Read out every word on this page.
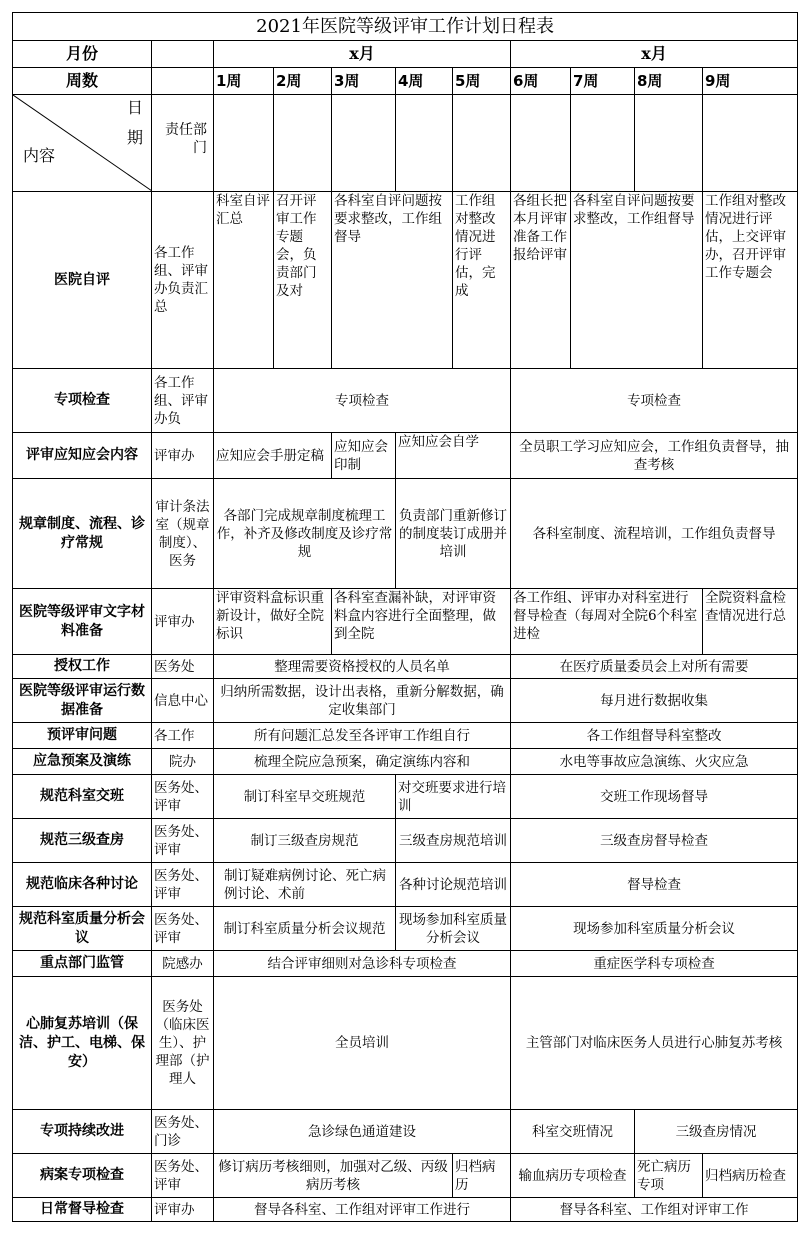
2021年医院等级评审工作计划日程表										
月份		x月					x月			
周数		1周	2周	3周	4周	5周	6周	7周	8周	9周

日
期
内容	责任部门									
医院自评	各工作组、评审办负责汇总	科室自评汇总	召开评审工作专题会，负责部门及对	各科室自评问题按要求整改，工作组督导		工作组对整改情况进行评估，完成	各组长把本月评审准备工作报给评审	各科室自评问题按要求整改，工作组督导		工作组对整改情况进行评估，上交评审办，召开评审工作专题会
专项检查	各工作组、评审办负	专项检查					专项检查			
评审应知应会内容	评审办	应知应会手册定稿		应知应会印制	应知应会自学		全员职工学习应知应会，工作组负责督导，抽查考核			
规章制度、流程、诊疗常规	审计条法室（规章制度）、医务	各部门完成规章制度梳理工作，补齐及修改制度及诊疗常规			负责部门重新修订的制度装订成册并培训		各科室制度、流程培训，工作组负责督导			
医院等级评审文字材料准备	评审办	评审资料盒标识重新设计，做好全院标识		各科室查漏补缺，对评审资料盒内容进行全面整理，做到全院			各工作组、评审办对科室进行督导检查（每周对全院6个科室进检			全院资料盒检查情况进行总
授权工作	医务处	整理需要资格授权的人员名单					在医疗质量委员会上对所有需要			
医院等级评审运行数据准备	信息中心	归纳所需数据，设计出表格，重新分解数据，确定收集部门					每月进行数据收集			
预评审问题	各工作	所有问题汇总发至各评审工作组自行					各工作组督导科室整改			
应急预案及演练	院办	梳理全院应急预案，确定演练内容和					水电等事故应急演练、火灾应急			
规范科室交班	医务处、评审	制订科室早交班规范			对交班要求进行培训		交班工作现场督导			
规范三级查房	医务处、评审	制订三级查房规范			三级查房规范培训		三级查房督导检查			
规范临床各种讨论	医务处、评审	制订疑难病例讨论、死亡病例讨论、术前			各种讨论规范培训		督导检查			
规范科室质量分析会议	医务处、评审	制订科室质量分析会议规范			现场参加科室质量分析会议		现场参加科室质量分析会议			
重点部门监管	院感办	结合评审细则对急诊科专项检查					重症医学科专项检查			
心肺复苏培训（保洁、护工、电梯、保安）	医务处（临床医生）、护理部（护理人	全员培训					主管部门对临床医务人员进行心肺复苏考核			
专项持续改进	医务处、门诊	急诊绿色通道建设					科室交班情况		三级查房情况	
病案专项检查	医务处、评审	修订病历考核细则，加强对乙级、丙级病历考核				归档病历	输血病历专项检查		死亡病历专项	归档病历检查
日常督导检查	评审办	督导各科室、工作组对评审工作进行					督导各科室、工作组对评审工作			
